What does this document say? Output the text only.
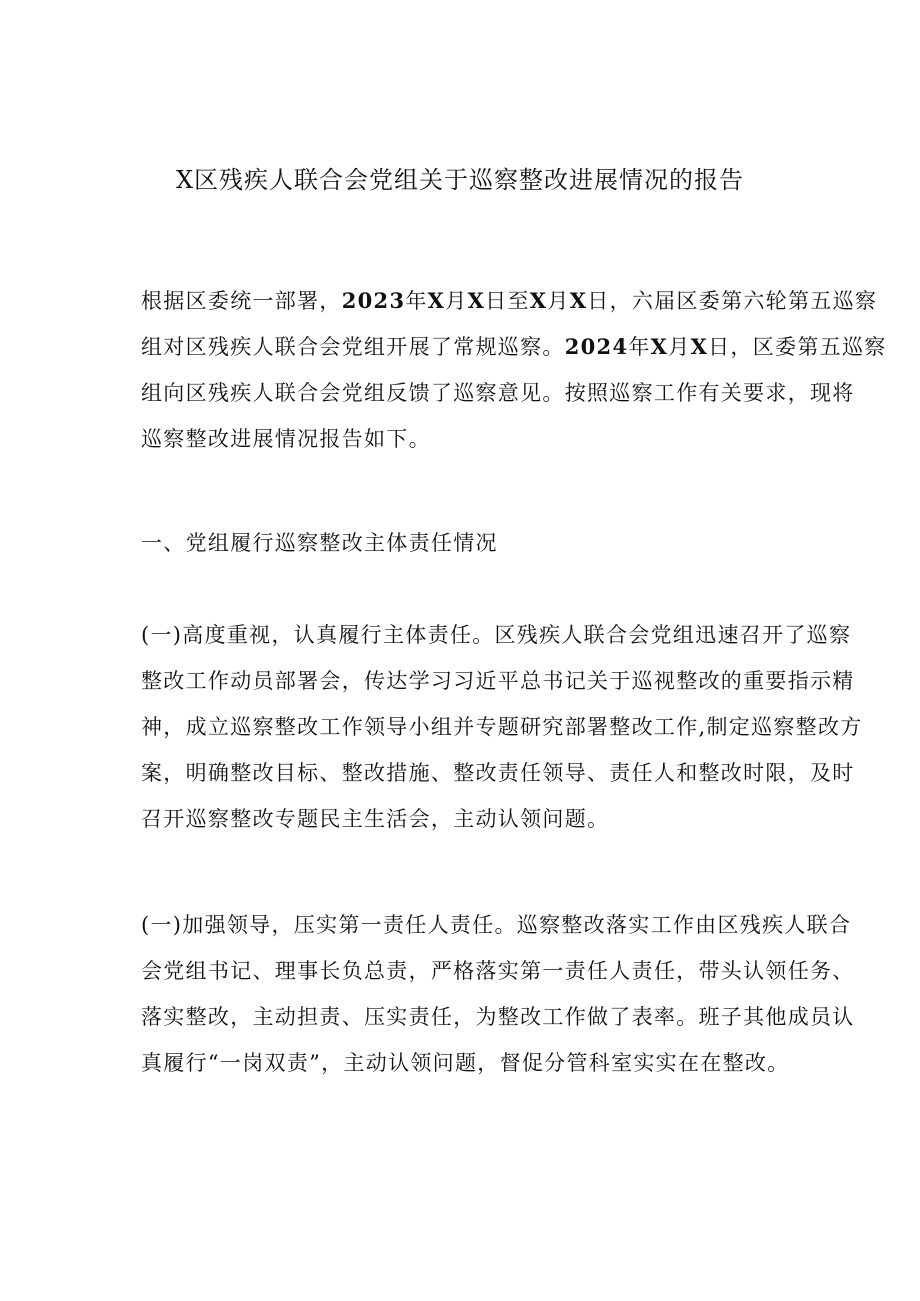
X区残疾人联合会党组关于巡察整改进展情况的报告

根据区委统一部署，2023年X月X日至X月X日，六届区委第六轮第五巡察
组对区残疾人联合会党组开展了常规巡察。2024年X月X日，区委第五巡察
组向区残疾人联合会党组反馈了巡察意见。按照巡察工作有关要求，现将
巡察整改进展情况报告如下。

一、党组履行巡察整改主体责任情况

(一)高度重视，认真履行主体责任。区残疾人联合会党组迅速召开了巡察
整改工作动员部署会，传达学习习近平总书记关于巡视整改的重要指示精
神，成立巡察整改工作领导小组并专题研究部署整改工作,制定巡察整改方
案，明确整改目标、整改措施、整改责任领导、责任人和整改时限，及时
召开巡察整改专题民主生活会，主动认领问题。

(一)加强领导，压实第一责任人责任。巡察整改落实工作由区残疾人联合
会党组书记、理事长负总责，严格落实第一责任人责任，带头认领任务、
落实整改，主动担责、压实责任，为整改工作做了表率。班子其他成员认
真履行“一岗双责”，主动认领问题，督促分管科室实实在在整改。
